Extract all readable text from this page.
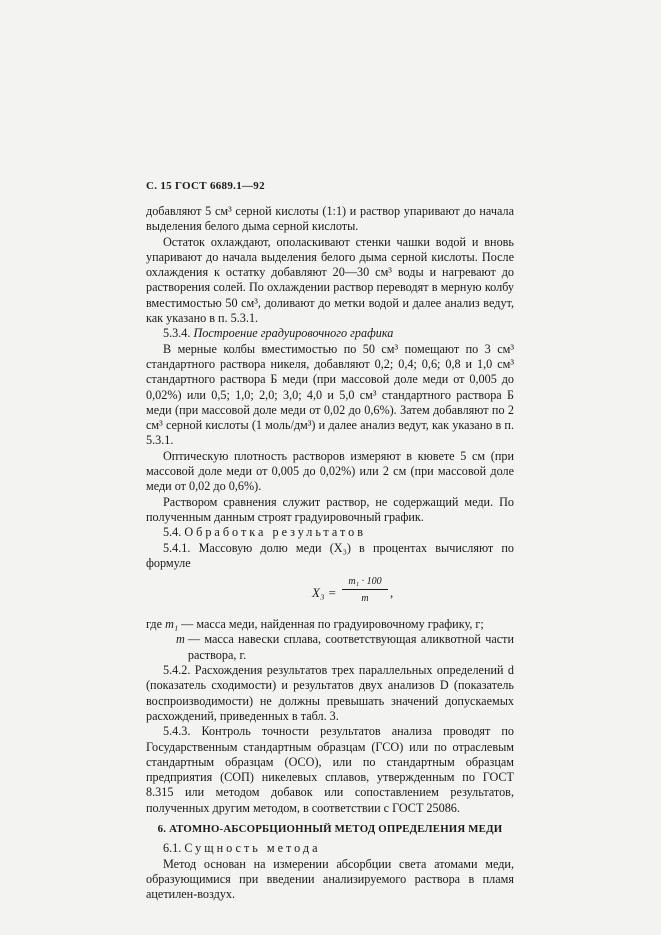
С. 15 ГОСТ 6689.1—92

добавляют 5 см³ серной кислоты (1:1) и раствор упаривают до начала выделения белого дыма серной кислоты.

Остаток охлаждают, ополаскивают стенки чашки водой и вновь упаривают до начала выделения белого дыма серной кислоты. После охлаждения к остатку добавляют 20—30 см³ воды и нагревают до растворения солей. По охлаждении раствор переводят в мерную колбу вместимостью 50 см³, доливают до метки водой и далее анализ ведут, как указано в п. 5.3.1.

5.3.4. Построение градуировочного графика

В мерные колбы вместимостью по 50 см³ помещают по 3 см³ стандартного раствора никеля, добавляют 0,2; 0,4; 0,6; 0,8 и 1,0 см³ стандартного раствора Б меди (при массовой доле меди от 0,005 до 0,02%) или 0,5; 1,0; 2,0; 3,0; 4,0 и 5,0 см³ стандартного раствора Б меди (при массовой доле меди от 0,02 до 0,6%). Затем добавляют по 2 см³ серной кислоты (1 моль/дм³) и далее анализ ведут, как указано в п. 5.3.1.

Оптическую плотность растворов измеряют в кювете 5 см (при массовой доле меди от 0,005 до 0,02%) или 2 см (при массовой доле меди от 0,02 до 0,6%).

Раствором сравнения служит раствор, не содержащий меди. По полученным данным строят градуировочный график.

5.4. Обработка результатов

5.4.1. Массовую долю меди (X₃) в процентах вычисляют по формуле

X₃ =
m₁ · 100
m	,
где m₁ — масса меди, найденная по градуировочному графику, г;
m — масса навески сплава, соответствующая аликвотной части раствора, г.

5.4.2. Расхождения результатов трех параллельных определений d (показатель сходимости) и результатов двух анализов D (показатель воспроизводимости) не должны превышать значений допускаемых расхождений, приведенных в табл. 3.

5.4.3. Контроль точности результатов анализа проводят по Государственным стандартным образцам (ГСО) или по отраслевым стандартным образцам (ОСО), или по стандартным образцам предприятия (СОП) никелевых сплавов, утвержденным по ГОСТ 8.315 или методом добавок или сопоставлением результатов, полученных другим методом, в соответствии с ГОСТ 25086.

6. АТОМНО-АБСОРБЦИОННЫЙ МЕТОД ОПРЕДЕЛЕНИЯ МЕДИ

6.1. Сущность метода

Метод основан на измерении абсорбции света атомами меди, образующимися при введении анализируемого раствора в пламя ацетилен-воздух.
